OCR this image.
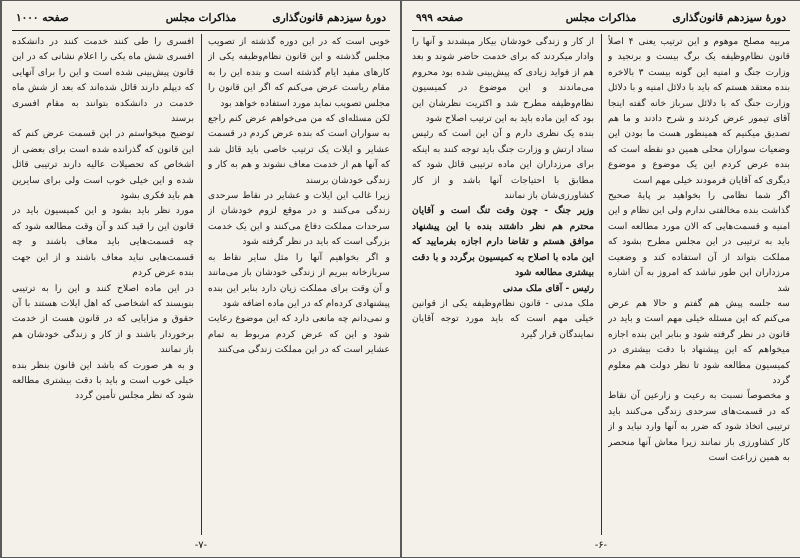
دورهٔ سیزدهم قانون‌گذاری
مذاکرات مجلس
صفحه ۹۹۹

مربیه مصلح موهوم و این ترتیب یعنی ۴ اصلاً قانون نظام‌وظیفه یک برگ بیست و برنجید و وزارت جنگ و امنیه این گونه بیست ۳ بالاخره بنده معتقد هستم که باید با دلائل امنیه و با دلائل وزارت جنگ که با دلائل سرباز خانه گفته اینجا آقای تیمور عرض کردند و شرح دادند و ما هم تصدیق میکنیم که همینطور هست ما بودن این وضعیات سواران محلی همین دو نقطه است که بنده عرض کردم این یک موضوع و موضوع دیگری که آقایان فرمودند خیلی مهم است

اگر شما نظامی را بخواهید بر پایهٔ صحیح گذاشت بنده مخالفتی ندارم ولی این نظام و این امنیه و قسمت‌هایی که الان مورد مطالعه است باید به ترتیبی در این مجلس مطرح بشود که مملکت بتواند از آن استفاده کند و وضعیت مرزداران این طور نباشد که امروز به آن اشاره شد

سه جلسه پیش هم گفتم و حالا هم عرض می‌کنم که این مسئله خیلی مهم است و باید در قانون در نظر گرفته شود و بنابر این بنده اجازه میخواهم که این پیشنهاد با دقت بیشتری در کمیسیون مطالعه شود تا نظر دولت هم معلوم گردد

و مخصوصاً نسبت به رعیت و زارعین آن نقاط که در قسمت‌های سرحدی زندگی می‌کنند باید ترتیبی اتخاذ شود که ضرر به آنها وارد نیاید و از کار کشاورزی باز نمانند زیرا معاش آنها منحصر به همین زراعت است

از کار و زندگی خودشان بیکار میشدند و آنها را وادار میکردند که برای خدمت حاضر شوند و بعد هم از فواید زیادی که پیش‌بینی شده بود محروم می‌ماندند و این موضوع در کمیسیون نظام‌وظیفه مطرح شد و اکثریت نظرشان این بود که این ماده باید به این ترتیب اصلاح شود

بنده یک نظری دارم و آن این است که رئیس ستاد ارتش و وزارت جنگ باید توجه کنند به اینکه برای مرزداران این ماده ترتیبی قائل شود که مطابق با احتیاجات آنها باشد و از کار کشاورزی‌شان باز نمانند

وزیر جنگ - چون وقت تنگ است و آقایان محترم هم نظر داشتند بنده با این پیشنهاد موافق هستم و تقاضا دارم اجازه بفرمایید که این ماده با اصلاح به کمیسیون برگردد و با دقت بیشتری مطالعه شود

رئیس - آقای ملک مدنی

ملک مدنی - قانون نظام‌وظیفه یکی از قوانین خیلی مهم است که باید مورد توجه آقایان نمایندگان قرار گیرد

-۶-
دورهٔ سیزدهم قانون‌گذاری
مذاکرات مجلس
صفحه ۱۰۰۰

خوبی است که در این دوره گذشته از تصویب مجلس گذشته و این قانون نظام‌وظیفه یکی از کارهای مفید ایام گذشته است و بنده این را به مقام ریاست عرض می‌کنم که اگر این قانون را مجلس تصویب نماید مورد استفاده خواهد بود

لکن مسئله‌ای که من می‌خواهم عرض کنم راجع به سواران است که بنده عرض کردم در قسمت عشایر و ایلات یک ترتیب خاصی باید قائل شد که آنها هم از خدمت معاف نشوند و هم به کار و زندگی خودشان برسند

زیرا غالب این ایلات و عشایر در نقاط سرحدی زندگی می‌کنند و در موقع لزوم خودشان از سرحدات مملکت دفاع می‌کنند و این یک خدمت بزرگی است که باید در نظر گرفته شود

و اگر بخواهیم آنها را مثل سایر نقاط به سربازخانه ببریم از زندگی خودشان باز می‌مانند و آن وقت برای مملکت زیان دارد بنابر این بنده پیشنهادی کرده‌ام که در این ماده اضافه شود

و نمی‌دانم چه مانعی دارد که این موضوع رعایت شود و این که عرض کردم مربوط به تمام عشایر است که در این مملکت زندگی می‌کنند

افسری را طی کنند خدمت کنند در دانشکده افسری شش ماه یکی را اعلام نشانی که در این قانون پیش‌بینی شده است و این را برای آنهایی که دیپلم دارند قائل شده‌اند که بعد از شش ماه خدمت در دانشکده بتوانند به مقام افسری برسند

توضیح میخواستم در این قسمت عرض کنم که این قانون که گذرانده شده است برای بعضی از اشخاص که تحصیلات عالیه دارند ترتیبی قائل شده و این خیلی خوب است ولی برای سایرین هم باید فکری بشود

مورد نظر باید بشود و این کمیسیون باید در قانون این را قید کند و آن وقت مطالعه شود که چه قسمت‌هایی باید معاف باشند و چه قسمت‌هایی نباید معاف باشند و از این جهت بنده عرض کردم

در این ماده اصلاح کنند و این را به ترتیبی بنویسند که اشخاصی که اهل ایلات هستند با آن حقوق و مزایایی که در قانون هست از خدمت برخوردار باشند و از کار و زندگی خودشان هم باز نمانند

و به هر صورت که باشد این قانون بنظر بنده خیلی خوب است و باید با دقت بیشتری مطالعه شود که نظر مجلس تأمین گردد

-۷-
